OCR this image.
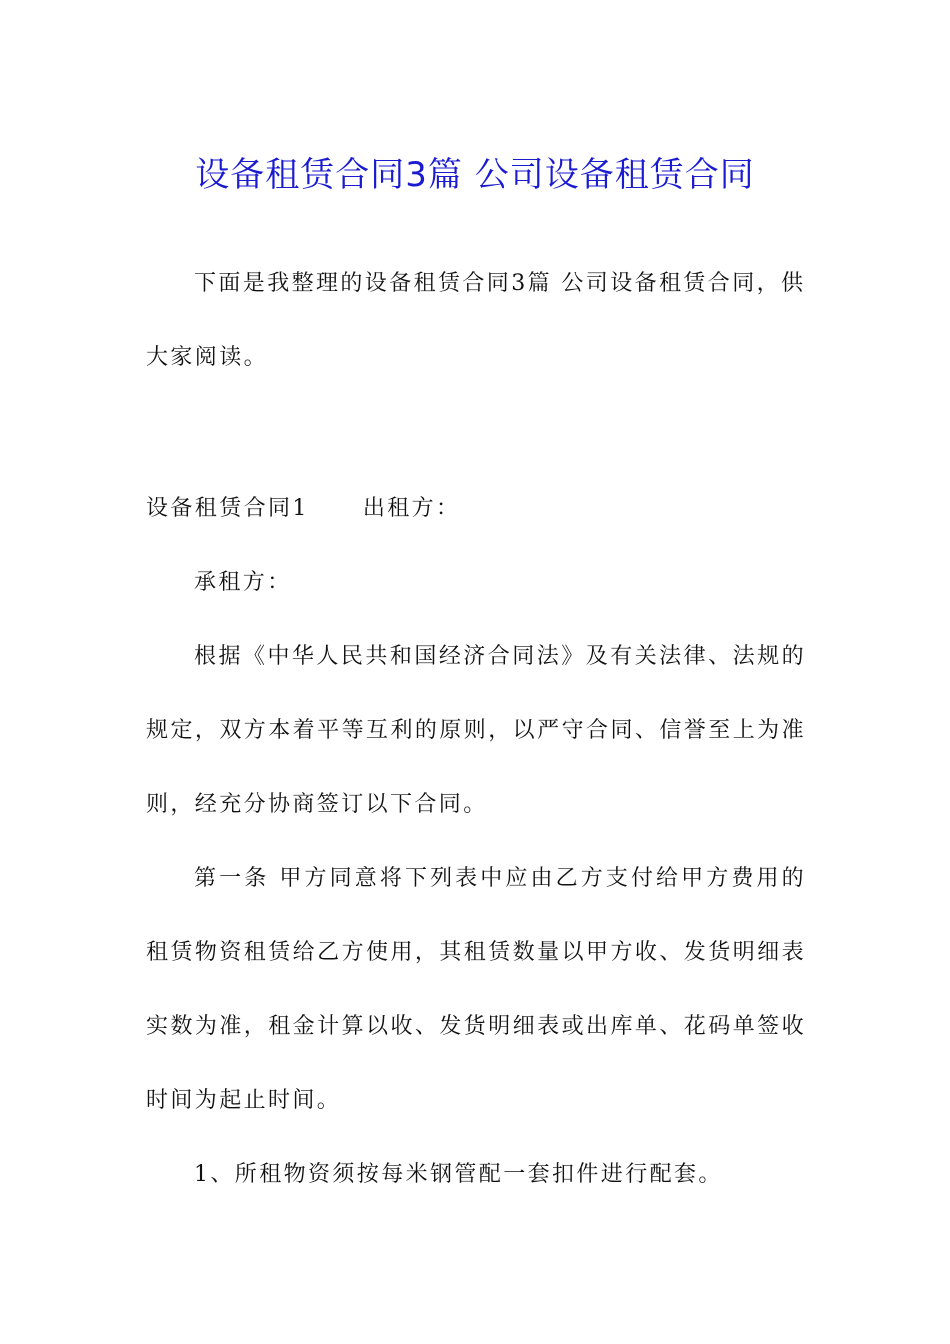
设备租赁合同3篇 公司设备租赁合同

下面是我整理的设备租赁合同3篇 公司设备租赁合同，供

大家阅读。

设备租赁合同1 出租方：

承租方：

根据《中华人民共和国经济合同法》及有关法律、法规的规定，双方本着平等互利的原则，以严守合同、信誉至上为准则，经充分协商签订以下合同。

第一条 甲方同意将下列表中应由乙方支付给甲方费用的租赁物资租赁给乙方使用，其租赁数量以甲方收、发货明细表实数为准，租金计算以收、发货明细表或出库单、花码单签收时间为起止时间。

1、所租物资须按每米钢管配一套扣件进行配套。
